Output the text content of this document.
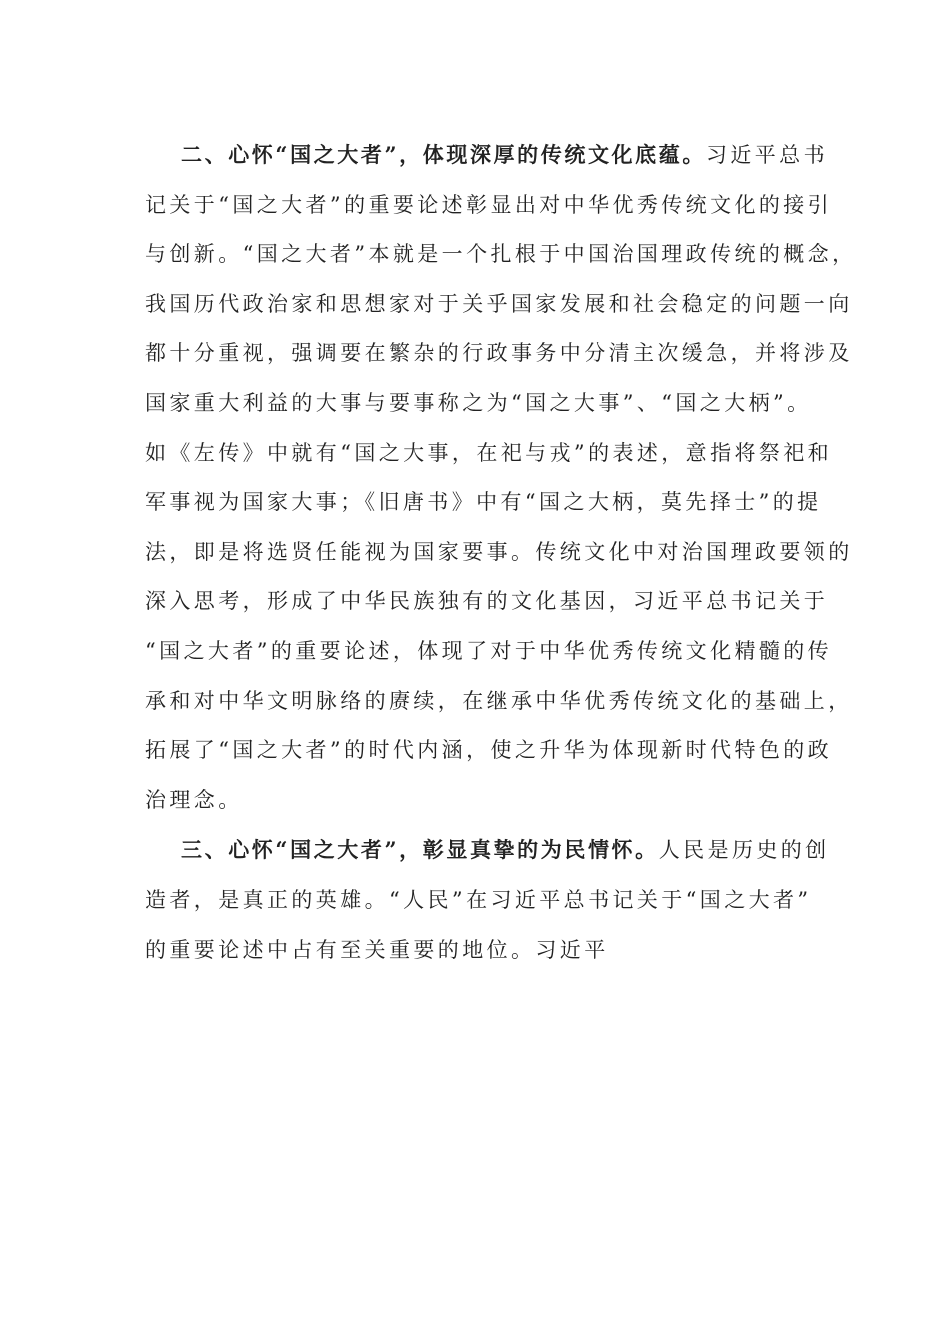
二、心怀“国之大者”，体现深厚的传统文化底蕴。习近平总书
记关于“国之大者”的重要论述彰显出对中华优秀传统文化的接引
与创新。“国之大者”本就是一个扎根于中国治国理政传统的概念，
我国历代政治家和思想家对于关乎国家发展和社会稳定的问题一向
都十分重视，强调要在繁杂的行政事务中分清主次缓急，并将涉及
国家重大利益的大事与要事称之为“国之大事”、“国之大柄”。
如《左传》中就有“国之大事，在祀与戎”的表述，意指将祭祀和
军事视为国家大事；《旧唐书》中有“国之大柄，莫先择士”的提
法，即是将选贤任能视为国家要事。传统文化中对治国理政要领的
深入思考，形成了中华民族独有的文化基因，习近平总书记关于
“国之大者”的重要论述，体现了对于中华优秀传统文化精髓的传
承和对中华文明脉络的赓续，在继承中华优秀传统文化的基础上，
拓展了“国之大者”的时代内涵，使之升华为体现新时代特色的政
治理念。
三、心怀“国之大者”，彰显真挚的为民情怀。人民是历史的创
造者，是真正的英雄。“人民”在习近平总书记关于“国之大者”
的重要论述中占有至关重要的地位。习近平
